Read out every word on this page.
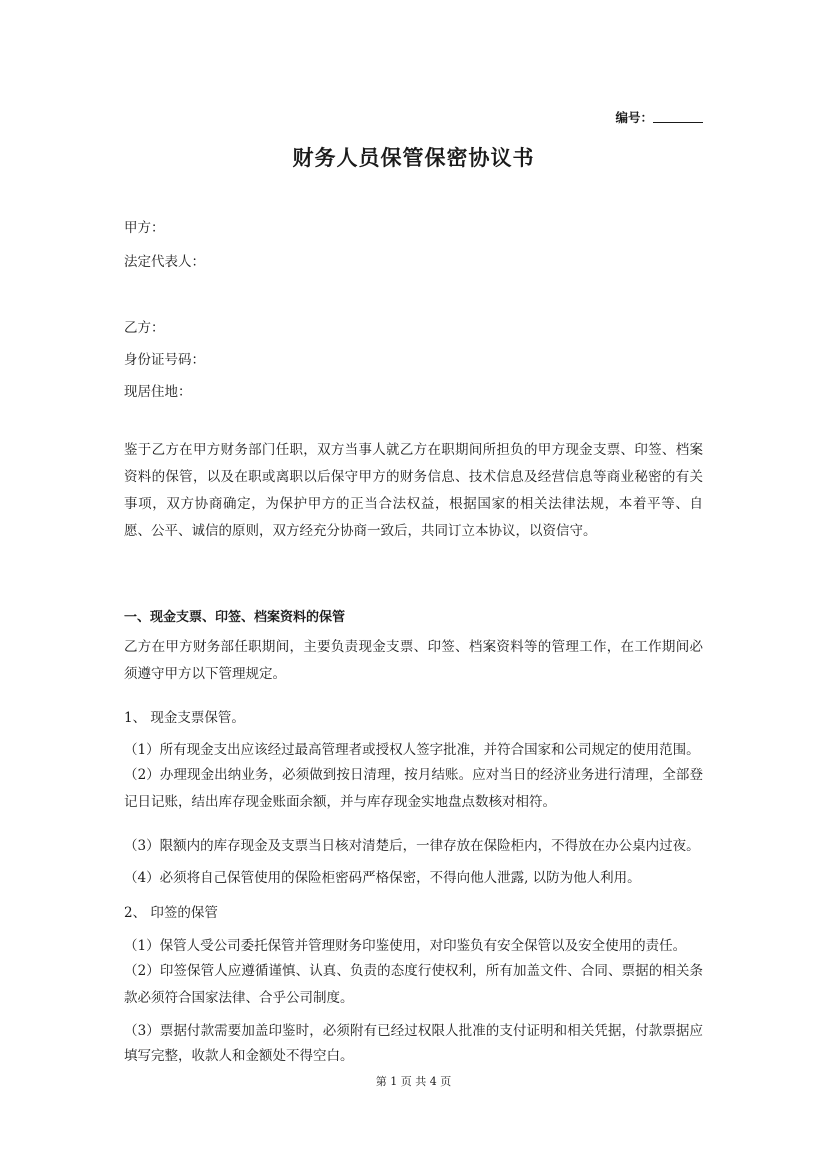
编号：
财务人员保管保密协议书
甲方：
法定代表人：
乙方：
身份证号码：
现居住地：

鉴于乙方在甲方财务部门任职，双方当事人就乙方在职期间所担负的甲方现金支票、印签、档案资料的保管，以及在职或离职以后保守甲方的财务信息、技术信息及经营信息等商业秘密的有关事项，双方协商确定，为保护甲方的正当合法权益，根据国家的相关法律法规，本着平等、自愿、公平、诚信的原则，双方经充分协商一致后，共同订立本协议，以资信守。

一、现金支票、印签、档案资料的保管

乙方在甲方财务部任职期间，主要负责现金支票、印签、档案资料等的管理工作，在工作期间必须遵守甲方以下管理规定。

1、 现金支票保管。
（1）所有现金支出应该经过最高管理者或授权人签字批准，并符合国家和公司规定的使用范围。

（2）办理现金出纳业务，必须做到按日清理，按月结账。应对当日的经济业务进行清理，全部登记日记账，结出库存现金账面余额，并与库存现金实地盘点数核对相符。

（3）限额内的库存现金及支票当日核对清楚后，一律存放在保险柜内，不得放在办公桌内过夜。
（4）必须将自己保管使用的保险柜密码严格保密，不得向他人泄露, 以防为他人利用。
2、 印签的保管
（1）保管人受公司委托保管并管理财务印鉴使用，对印鉴负有安全保管以及安全使用的责任。

（2）印签保管人应遵循谨慎、认真、负责的态度行使权利，所有加盖文件、合同、票据的相关条款必须符合国家法律、合乎公司制度。

（3）票据付款需要加盖印鉴时，必须附有已经过权限人批准的支付证明和相关凭据，付款票据应填写完整，收款人和金额处不得空白。

第 1 页 共 4 页
